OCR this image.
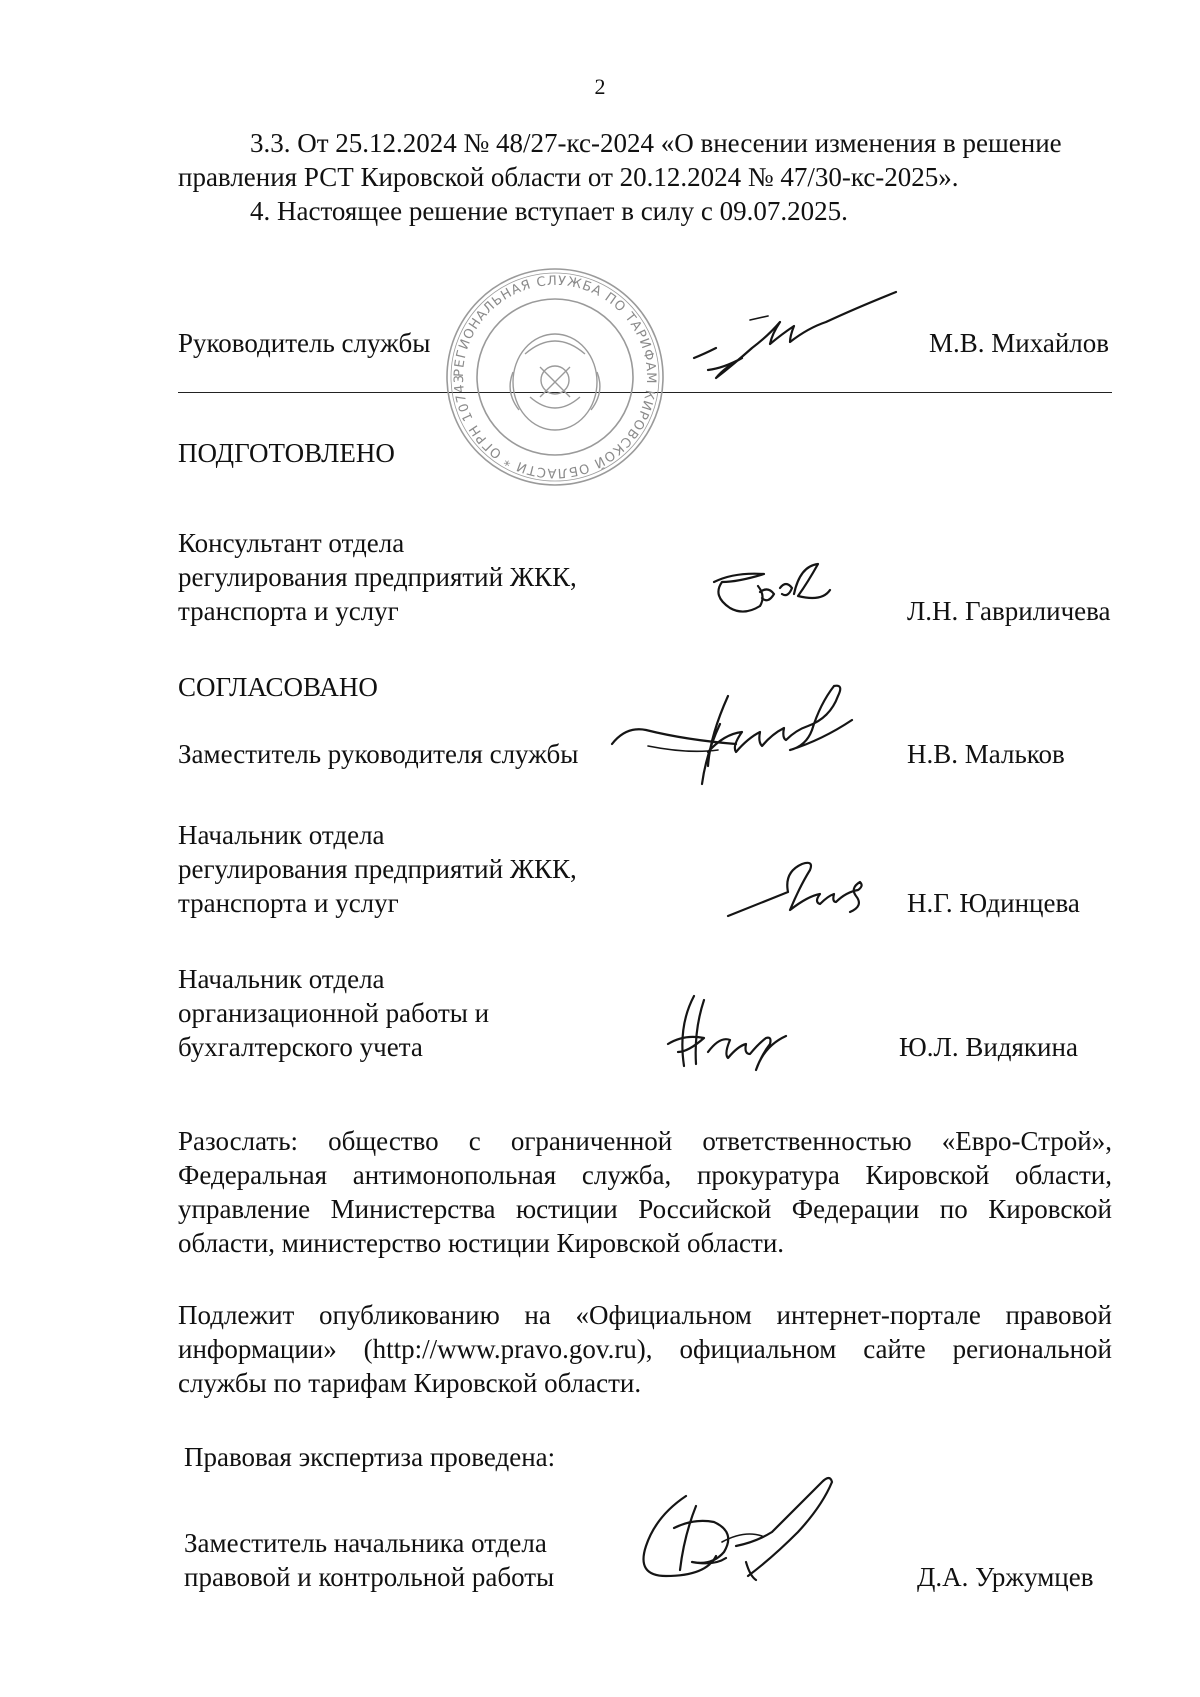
2
3.3. От 25.12.2024 № 48/27-кс-2024 «О внесении изменения в решение
правления РСТ Кировской области от 20.12.2024 № 47/30-кс-2025».
4. Настоящее решение вступает в силу с 09.07.2025.
Руководитель службы	М.В. Михайлов
РЕГИОНАЛЬНАЯ СЛУЖБА ПО ТАРИФАМ КИРОВСКОЙ ОБЛАСТИ * ОГРН 1074345040465
ПОДГОТОВЛЕНО
Консультант отдела
регулирования предприятий ЖКК,
транспорта и услуг	Л.Н. Гавриличева
СОГЛАСОВАНО
Заместитель руководителя службы	Н.В. Мальков
Начальник отдела
регулирования предприятий ЖКК,
транспорта и услуг	Н.Г. Юдинцева
Начальник отдела
организационной работы и
бухгалтерского учета	Ю.Л. Видякина
Разослать: общество с ограниченной ответственностью «Евро-Строй», Федеральная антимонопольная служба, прокуратура Кировской области, управление Министерства юстиции Российской Федерации по Кировской области, министерство юстиции Кировской области.
Подлежит опубликованию на «Официальном интернет-портале правовой информации» (http://www.pravo.gov.ru), официальном сайте региональной службы по тарифам Кировской области.
Правовая экспертиза проведена:
Заместитель начальника отдела
правовой и контрольной работы	Д.А. Уржумцев
